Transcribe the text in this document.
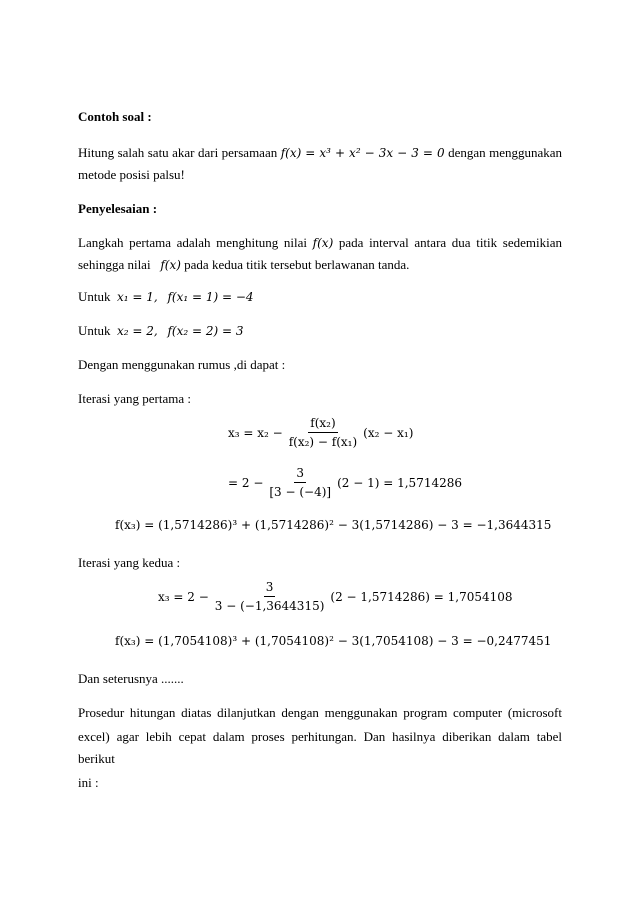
Contoh soal :
Hitung salah satu akar dari persamaan f(x) = x³ + x² − 3x − 3 = 0 dengan menggunakan
metode posisi palsu!
Penyelesaian :
Langkah pertama adalah menghitung nilai f(x) pada interval antara dua titik sedemikian
sehingga nilai f(x) pada kedua titik tersebut berlawanan tanda.
Untuk x₁ = 1, f(x₁ = 1) = −4
Untuk x₂ = 2, f(x₂ = 2) = 3
Dengan menggunakan rumus ,di dapat :
Iterasi yang pertama :
$x_3 = x_2 - \frac{\text{f(x₂)}}{\text{f(x₂) − f(x₁)}} (x_2 - x_1)$
= $2 - \frac{3}{[3 - (-4)]} (2 - 1) = 1,5714286$
f(x₃) = (1,5714286)³ + (1,5714286)² − 3(1,5714286) − 3 = −1,3644315
Iterasi yang kedua :
$x_3 = 2 - \frac{3}{3 - (-1,3644315)} (2 - 1,5714286) = 1,7054108$
f(x₃) = (1,7054108)³ + (1,7054108)² − 3(1,7054108) − 3 = −0,2477451
Dan seterusnya .......
Prosedur hitungan diatas dilanjutkan dengan menggunakan program computer (microsoft
excel) agar lebih cepat dalam proses perhitungan. Dan hasilnya diberikan dalam tabel berikut
ini :
